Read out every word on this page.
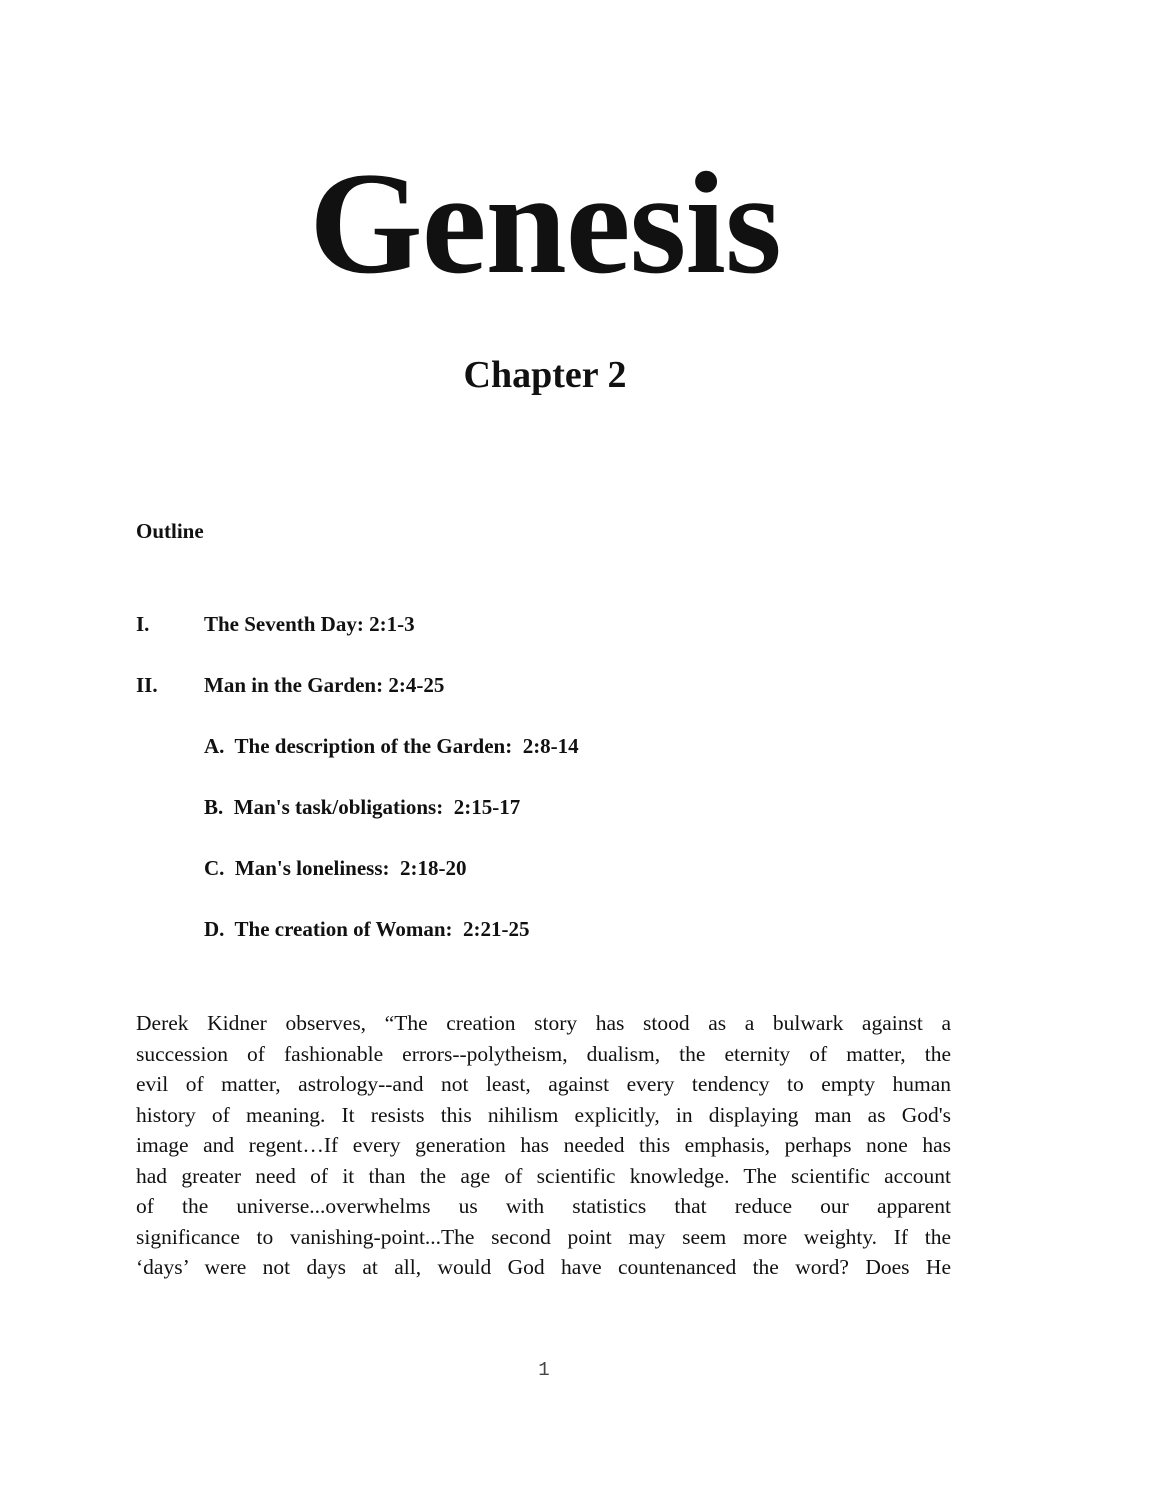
Genesis
Chapter 2
Outline
I.	The Seventh Day: 2:1-3
II. Man in the Garden: 2:4-25
A.  The description of the Garden:  2:8-14
B.  Man's task/obligations:  2:15-17
C.  Man's loneliness:  2:18-20
D.  The creation of Woman:  2:21-25
Derek Kidner observes, “The creation story has stood as a bulwark against a
succession of fashionable errors--polytheism, dualism, the eternity of matter, the
evil of matter, astrology--and not least, against every tendency to empty human
history of meaning. It resists this nihilism explicitly, in displaying man as God's
image and regent…If every generation has needed this emphasis, perhaps none has
had greater need of it than the age of scientific knowledge. The scientific account
of the universe...overwhelms us with statistics that reduce our apparent
significance to vanishing-point...The second point may seem more weighty. If the
‘days’ were not days at all, would God have countenanced the word? Does He
1
